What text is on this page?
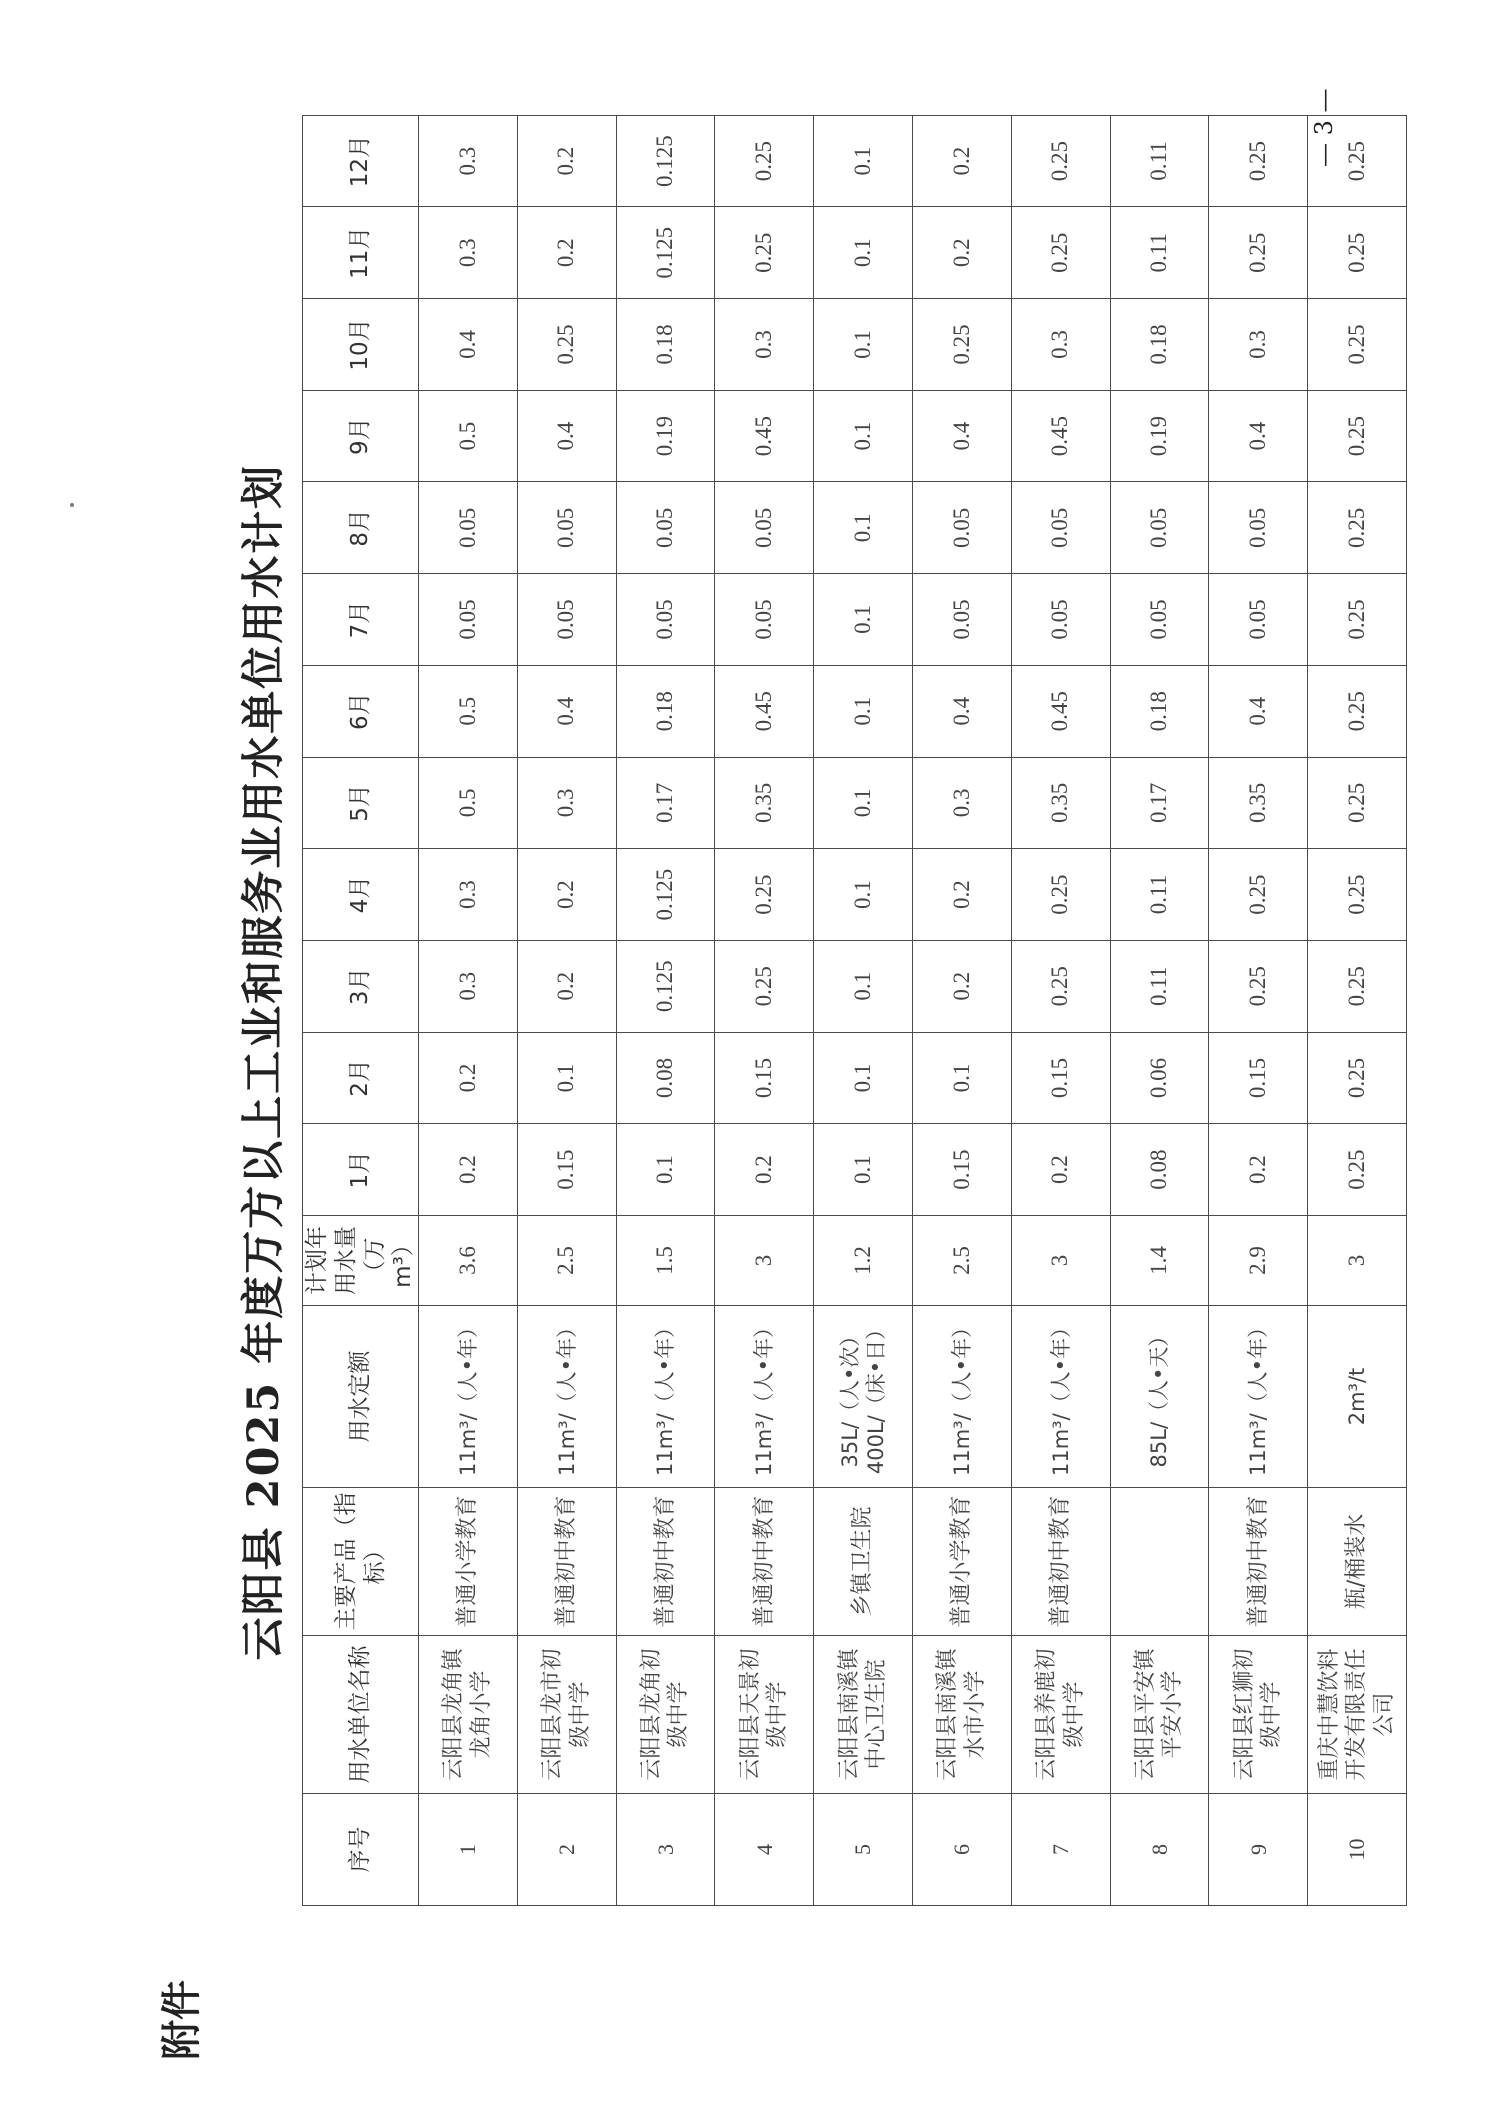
附件
云阳县 2025 年度万方以上工业和服务业用水单位用水计划
序号	用水单位名称	主要产品（指标）	用水定额	计划年用水量（万m³）	1月	2月	3月	4月	5月	6月	7月	8月	9月	10月	11月	12月
1	云阳县龙角镇龙角小学	普通小学教育	11m³/（人•年）	3.6	0.2	0.2	0.3	0.3	0.5	0.5	0.05	0.05	0.5	0.4	0.3	0.3
2	云阳县龙市初级中学	普通初中教育	11m³/（人•年）	2.5	0.15	0.1	0.2	0.2	0.3	0.4	0.05	0.05	0.4	0.25	0.2	0.2
3	云阳县龙角初级中学	普通初中教育	11m³/（人•年）	1.5	0.1	0.08	0.125	0.125	0.17	0.18	0.05	0.05	0.19	0.18	0.125	0.125
4	云阳县天景初级中学	普通初中教育	11m³/（人•年）	3	0.2	0.15	0.25	0.25	0.35	0.45	0.05	0.05	0.45	0.3	0.25	0.25
5	云阳县南溪镇中心卫生院	乡镇卫生院	35L/（人•次）400L/（床•日）	1.2	0.1	0.1	0.1	0.1	0.1	0.1	0.1	0.1	0.1	0.1	0.1	0.1
6	云阳县南溪镇水市小学	普通小学教育	11m³/（人•年）	2.5	0.15	0.1	0.2	0.2	0.3	0.4	0.05	0.05	0.4	0.25	0.2	0.2
7	云阳县养鹿初级中学	普通初中教育	11m³/（人•年）	3	0.2	0.15	0.25	0.25	0.35	0.45	0.05	0.05	0.45	0.3	0.25	0.25
8	云阳县平安镇平安小学		85L/（人•天）	1.4	0.08	0.06	0.11	0.11	0.17	0.18	0.05	0.05	0.19	0.18	0.11	0.11
9	云阳县红狮初级中学	普通初中教育	11m³/（人•年）	2.9	0.2	0.15	0.25	0.25	0.35	0.4	0.05	0.05	0.4	0.3	0.25	0.25
10	重庆中慧饮料开发有限责任公司	瓶/桶装水	2m³/t	3	0.25	0.25	0.25	0.25	0.25	0.25	0.25	0.25	0.25	0.25	0.25	0.25
— 3 —
